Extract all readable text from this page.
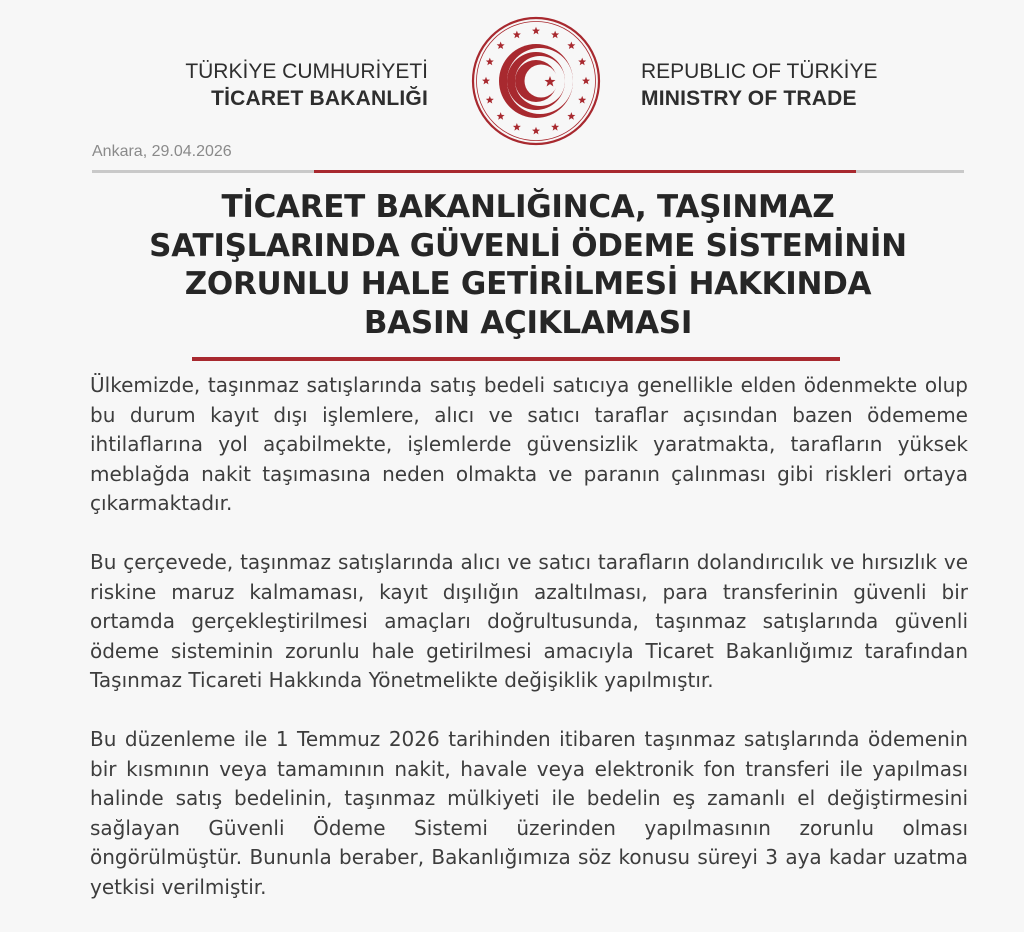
TÜRKİYE CUMHURİYETİ
TİCARET BAKANLIĞI
REPUBLIC OF TÜRKİYE
MINISTRY OF TRADE
Ankara, 29.04.2026
TİCARET BAKANLIĞINCA, TAŞINMAZ
SATIŞLARINDA GÜVENLİ ÖDEME SİSTEMİNİN
ZORUNLU HALE GETİRİLMESİ HAKKINDA
BASIN AÇIKLAMASI

Ülkemizde, taşınmaz satışlarında satış bedeli satıcıya genellikle elden ödenmekte olup bu durum kayıt dışı işlemlere, alıcı ve satıcı taraflar açısından bazen ödememe ihtilaflarına yol açabilmekte, işlemlerde güvensizlik yaratmakta, tarafların yüksek meblağda nakit taşımasına neden olmakta ve paranın çalınması gibi riskleri ortaya çıkarmaktadır.

Bu çerçevede, taşınmaz satışlarında alıcı ve satıcı tarafların dolandırıcılık ve hırsızlık ve riskine maruz kalmaması, kayıt dışılığın azaltılması, para transferinin güvenli bir ortamda gerçekleştirilmesi amaçları doğrultusunda, taşınmaz satışlarında güvenli ödeme sisteminin zorunlu hale getirilmesi amacıyla Ticaret Bakanlığımız tarafından Taşınmaz Ticareti Hakkında Yönetmelikte değişiklik yapılmıştır.

Bu düzenleme ile 1 Temmuz 2026 tarihinden itibaren taşınmaz satışlarında ödemenin bir kısmının veya tamamının nakit, havale veya elektronik fon transferi ile yapılması halinde satış bedelinin, taşınmaz mülkiyeti ile bedelin eş zamanlı el değiştirmesini sağlayan Güvenli Ödeme Sistemi üzerinden yapılmasının zorunlu olması öngörülmüştür. Bununla beraber, Bakanlığımıza söz konusu süreyi 3 aya kadar uzatma yetkisi verilmiştir.
